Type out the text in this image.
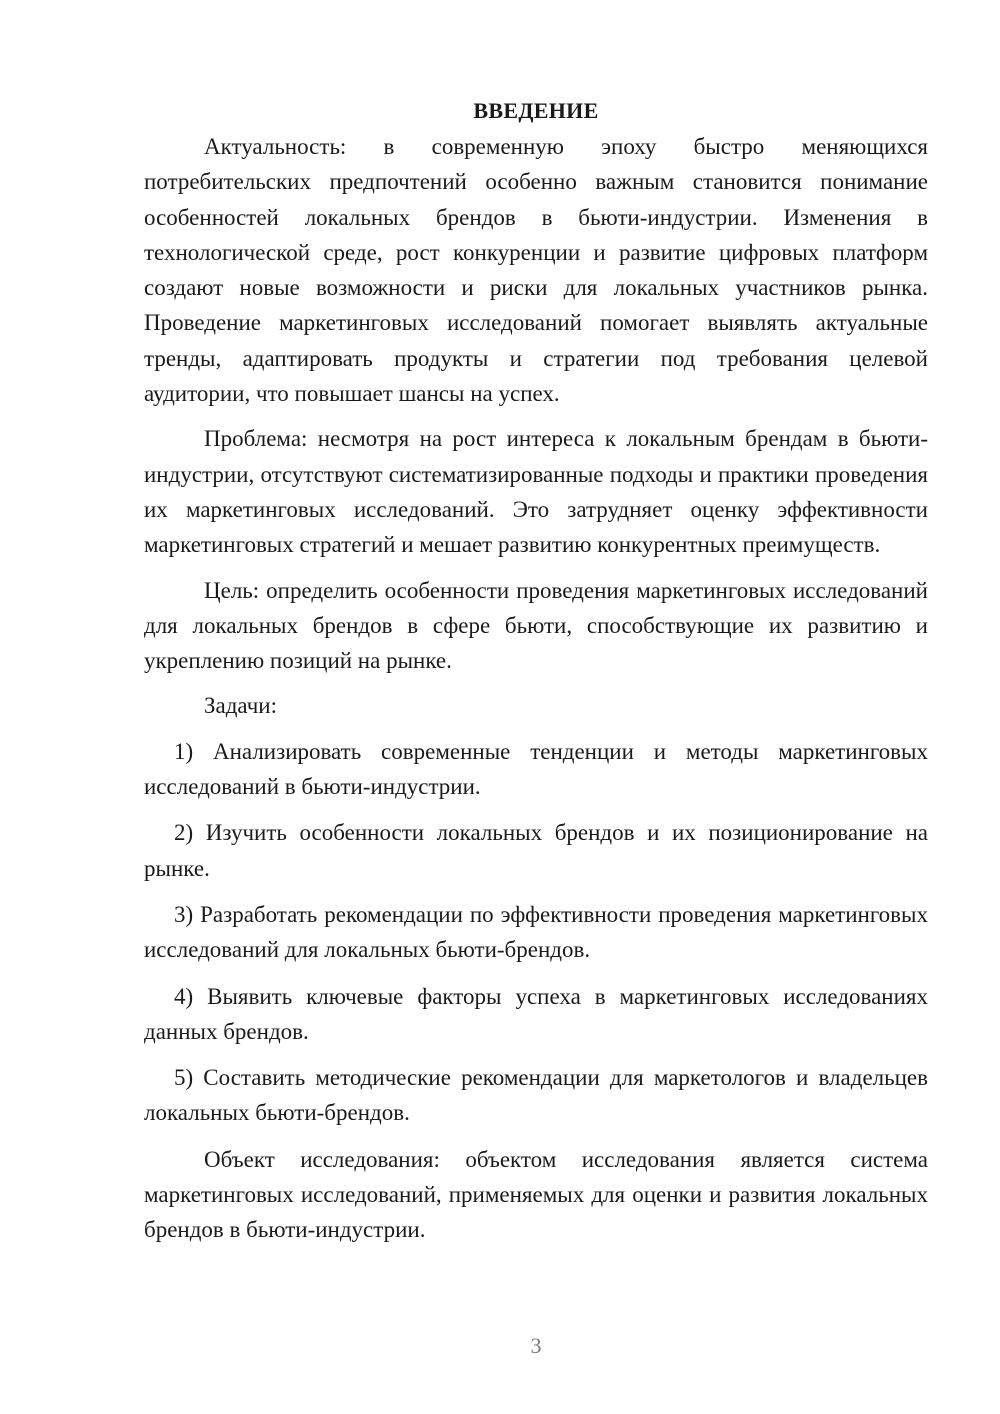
ВВЕДЕНИЕ

Актуальность: в современную эпоху быстро меняющихся потребительских предпочтений особенно важным становится понимание особенностей локальных брендов в бьюти-индустрии. Изменения в технологической среде, рост конкуренции и развитие цифровых платформ создают новые возможности и риски для локальных участников рынка. Проведение маркетинговых исследований помогает выявлять актуальные тренды, адаптировать продукты и стратегии под требования целевой аудитории, что повышает шансы на успех.

Проблема: несмотря на рост интереса к локальным брендам в бьюти-индустрии, отсутствуют систематизированные подходы и практики проведения их маркетинговых исследований. Это затрудняет оценку эффективности маркетинговых стратегий и мешает развитию конкурентных преимуществ.

Цель: определить особенности проведения маркетинговых исследований для локальных брендов в сфере бьюти, способствующие их развитию и укреплению позиций на рынке.

Задачи:

1) Анализировать современные тенденции и методы маркетинговых исследований в бьюти-индустрии.

2) Изучить особенности локальных брендов и их позиционирование на рынке.

3) Разработать рекомендации по эффективности проведения маркетинговых исследований для локальных бьюти-брендов.

4) Выявить ключевые факторы успеха в маркетинговых исследованиях данных брендов.

5) Составить методические рекомендации для маркетологов и владельцев локальных бьюти-брендов.

Объект исследования: объектом исследования является система маркетинговых исследований, применяемых для оценки и развития локальных брендов в бьюти-индустрии.

3
